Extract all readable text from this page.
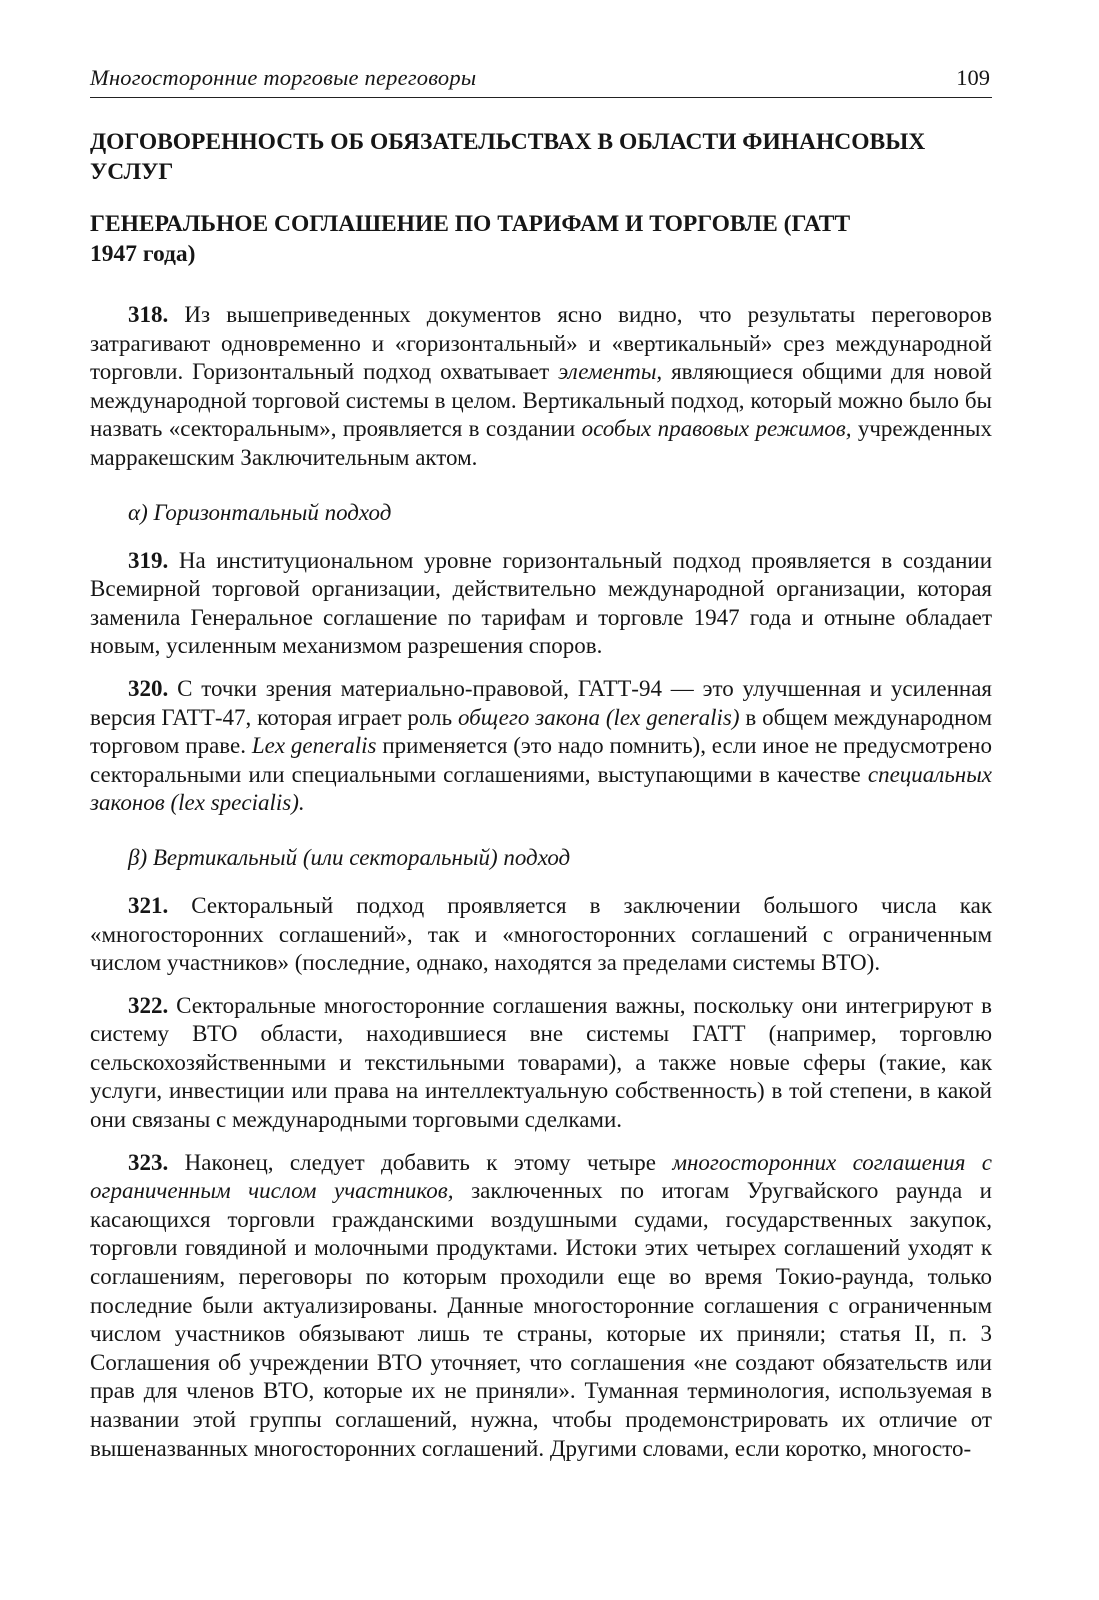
Многосторонние торговые переговоры	109
ДОГОВОРЕННОСТЬ ОБ ОБЯЗАТЕЛЬСТВАХ В ОБЛАСТИ ФИНАНСОВЫХ УСЛУГ
ГЕНЕРАЛЬНОЕ СОГЛАШЕНИЕ ПО ТАРИФАМ И ТОРГОВЛЕ (ГАТТ
1947 года)

318. Из вышеприведенных документов ясно видно, что результаты переговоров затрагивают одновременно и «горизонтальный» и «вертикальный» срез международной торговли. Горизонтальный подход охватывает элементы, являющиеся общими для новой международной торговой системы в целом. Вертикальный подход, который можно было бы назвать «секторальным», проявляется в создании особых правовых режимов, учрежденных марракешским Заключительным актом.

α) Горизонтальный подход

319. На институциональном уровне горизонтальный подход проявляется в создании Всемирной торговой организации, действительно международной организации, которая заменила Генеральное соглашение по тарифам и торговле 1947 года и отныне обладает новым, усиленным механизмом разрешения споров.

320. С точки зрения материально-правовой, ГАТТ-94 — это улучшенная и усиленная версия ГАТТ-47, которая играет роль общего закона (lex generalis) в общем международном торговом праве. Lex generalis применяется (это надо помнить), если иное не предусмотрено секторальными или специальными соглашениями, выступающими в качестве специальных законов (lex specialis).

β) Вертикальный (или секторальный) подход

321. Секторальный подход проявляется в заключении большого числа как «многосторонних соглашений», так и «многосторонних соглашений с ограниченным числом участников» (последние, однако, находятся за пределами системы ВТО).

322. Секторальные многосторонние соглашения важны, поскольку они интегрируют в систему ВТО области, находившиеся вне системы ГАТТ (например, торговлю сельскохозяйственными и текстильными товарами), а также новые сферы (такие, как услуги, инвестиции или права на интеллектуальную собственность) в той степени, в какой они связаны с международными торговыми сделками.

323. Наконец, следует добавить к этому четыре многосторонних соглашения с ограниченным числом участников, заключенных по итогам Уругвайского раунда и касающихся торговли гражданскими воздушными судами, государственных закупок, торговли говядиной и молочными продуктами. Истоки этих четырех соглашений уходят к соглашениям, переговоры по которым проходили еще во время Токио-раунда, только последние были актуализированы. Данные многосторонние соглашения с ограниченным числом участников обязывают лишь те страны, которые их приняли; статья II, п. 3 Соглашения об учреждении ВТО уточняет, что соглашения «не создают обязательств или прав для членов ВТО, которые их не приняли». Туманная терминология, используемая в названии этой группы соглашений, нужна, чтобы продемонстрировать их отличие от вышеназванных многосторонних соглашений. Другими словами, если коротко, многосто-
